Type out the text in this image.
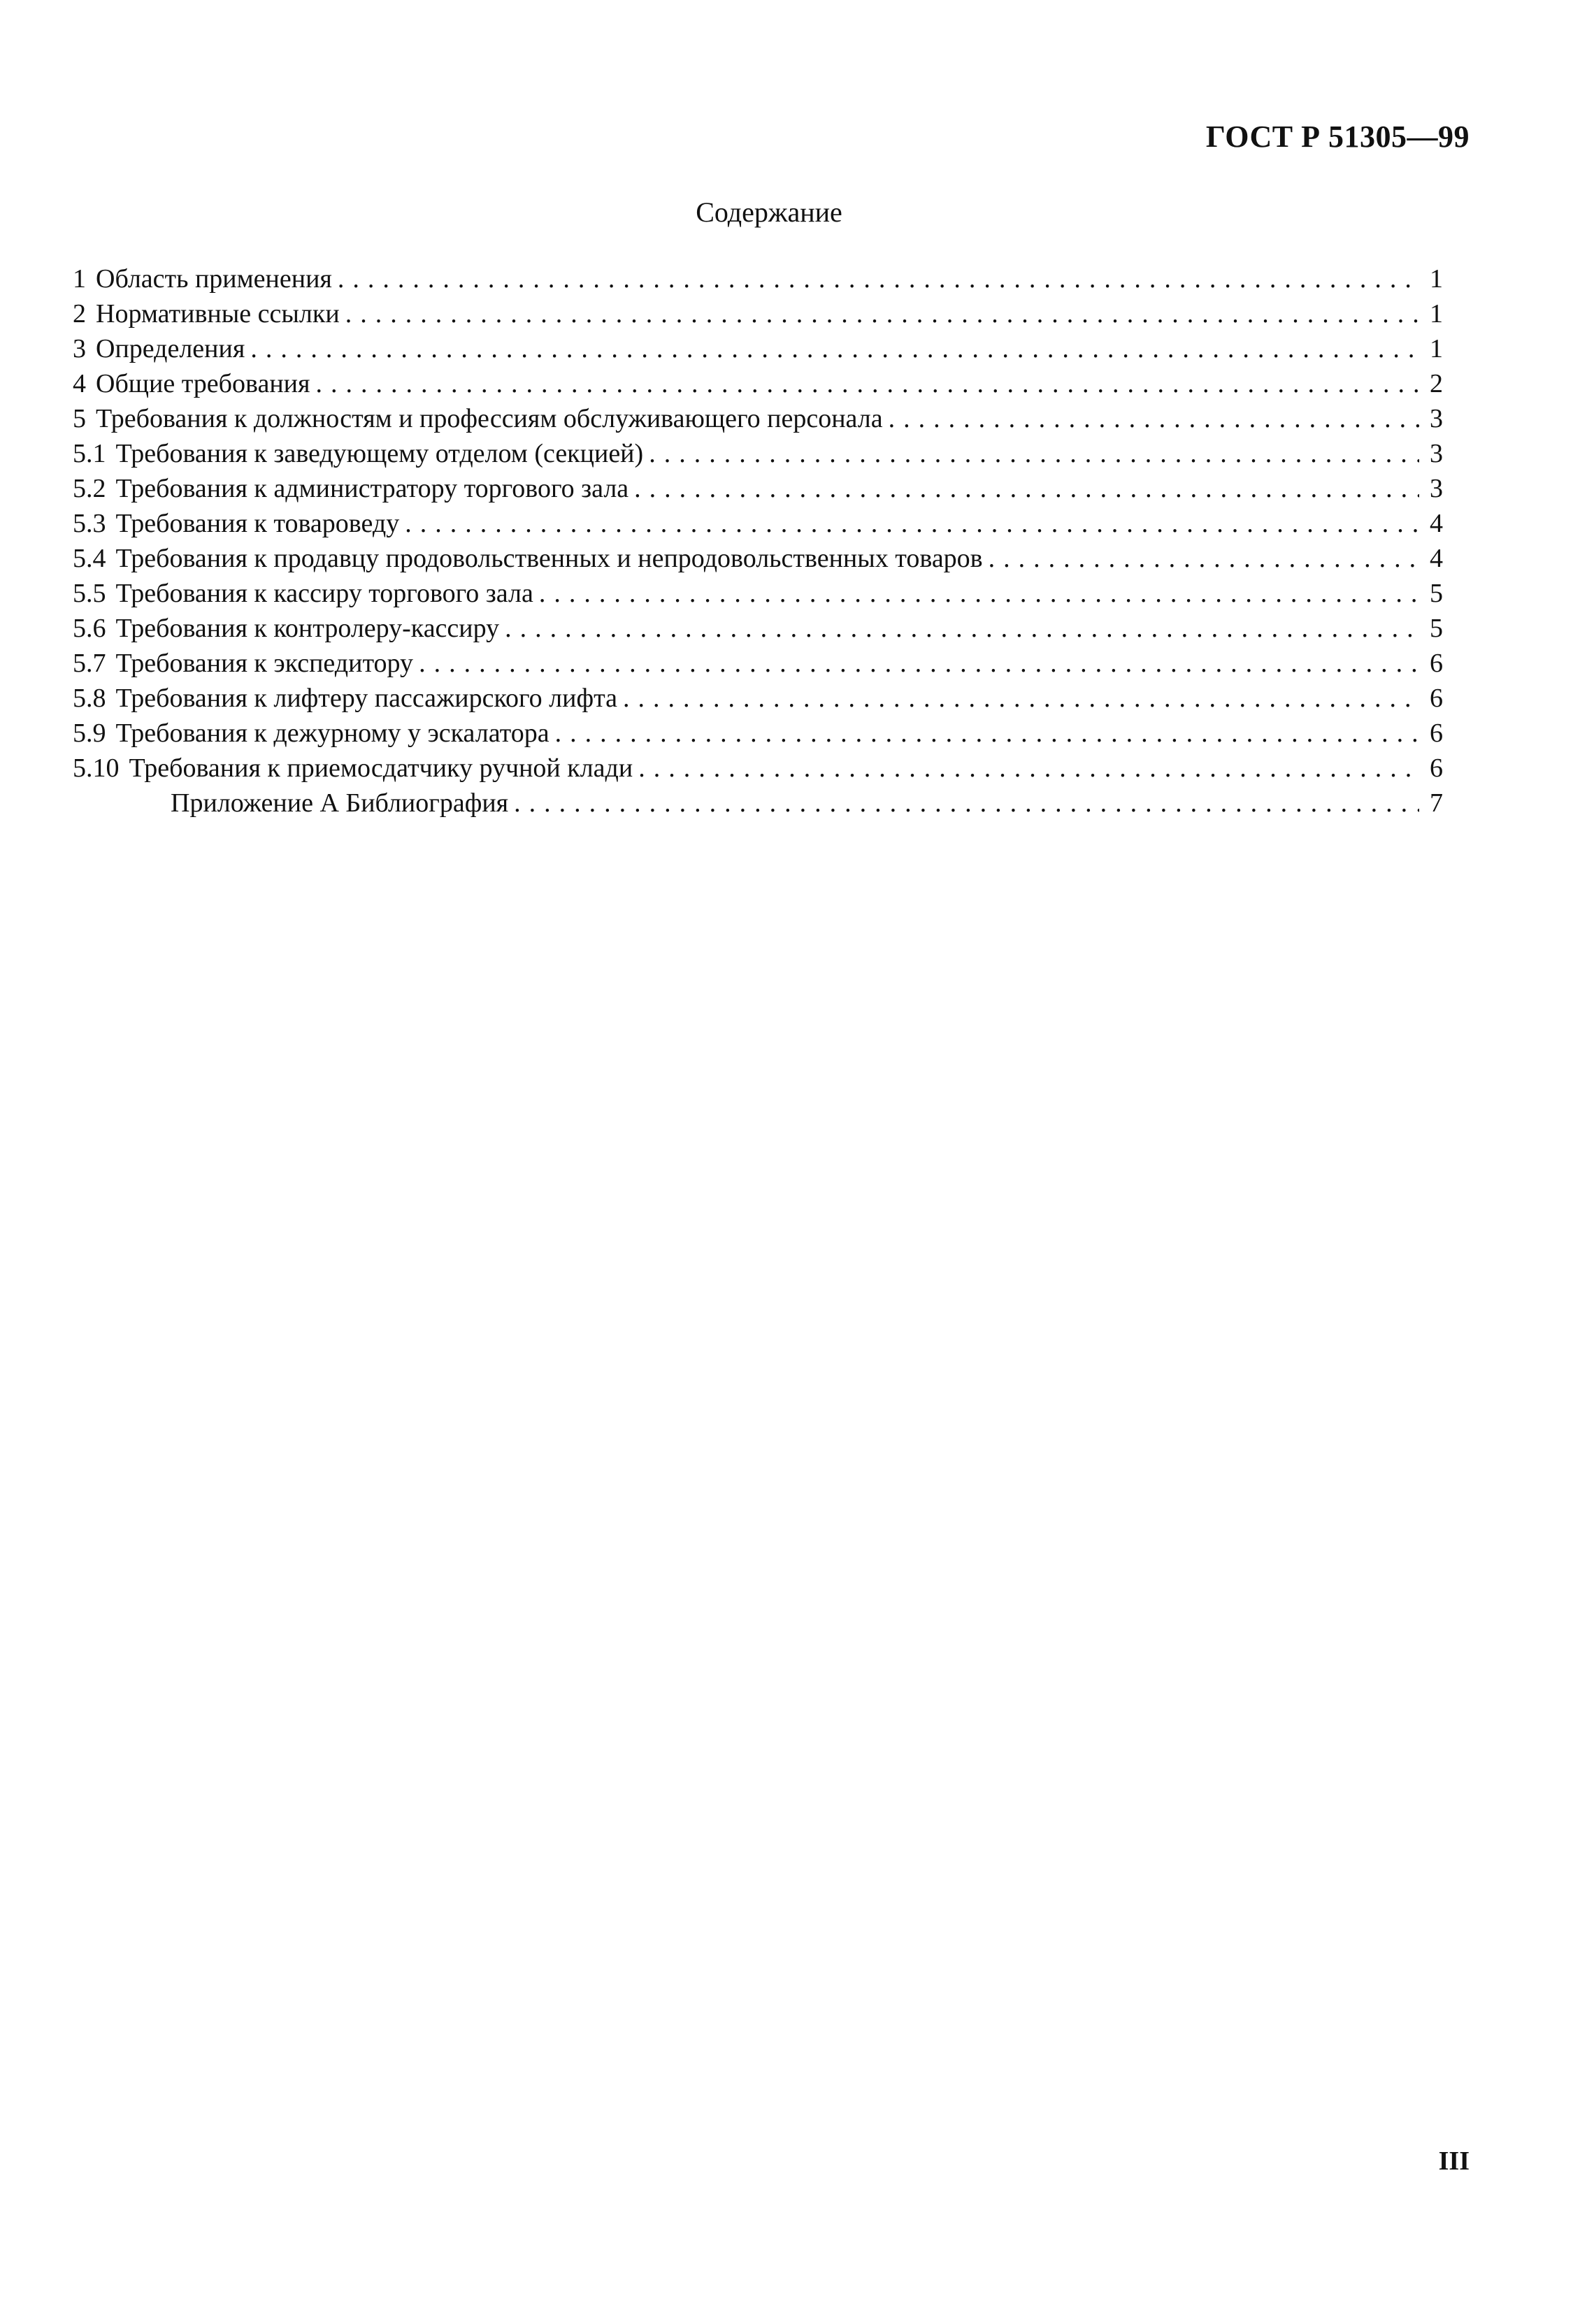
ГОСТ Р 51305—99
Содержание
1 Область применения .....	1
2 Нормативные ссылки .....	1
3 Определения .....	1
4 Общие требования .....	2
5 Требования к должностям и профессиям обслуживающего персонала .....	3
5.1 Требования к заведующему отделом (секцией) .....	3
5.2 Требования к администратору торгового зала .....	3
5.3 Требования к товароведу .....	4
5.4 Требования к продавцу продовольственных и непродовольственных товаров .....	4
5.5 Требования к кассиру торгового зала .....	5
5.6 Требования к контролеру-кассиру .....	5
5.7 Требования к экспедитору .....	6
5.8 Требования к лифтеру пассажирского лифта .....	6
5.9 Требования к дежурному у эскалатора .....	6
5.10 Требования к приемосдатчику ручной клади .....	6
Приложение А Библиография .....	7
III
